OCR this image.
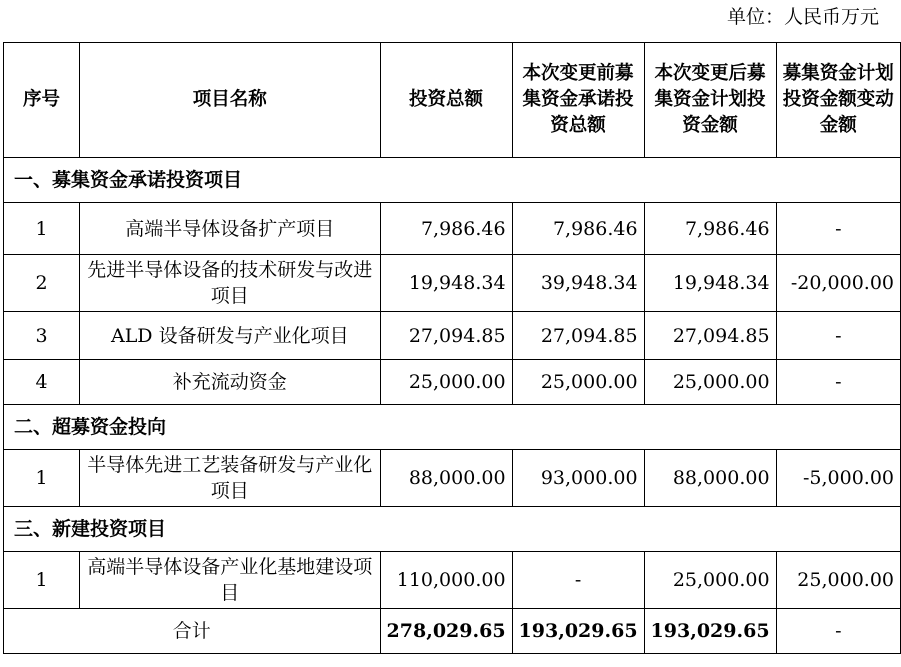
单位：人民币万元
序号	项目名称	投资总额	本次变更前募集资金承诺投资总额	本次变更后募集资金计划投资金额	募集资金计划投资金额变动金额
一、募集资金承诺投资项目					
1	高端半导体设备扩产项目	7,986.46	7,986.46	7,986.46	-
2	先进半导体设备的技术研发与改进项目	19,948.34	39,948.34	19,948.34	-20,000.00
3	ALD 设备研发与产业化项目	27,094.85	27,094.85	27,094.85	-
4	补充流动资金	25,000.00	25,000.00	25,000.00	-
二、超募资金投向					
1	半导体先进工艺装备研发与产业化项目	88,000.00	93,000.00	88,000.00	-5,000.00
三、新建投资项目					
1	高端半导体设备产业化基地建设项目	110,000.00	-	25,000.00	25,000.00
合计		278,029.65	193,029.65	193,029.65	-
